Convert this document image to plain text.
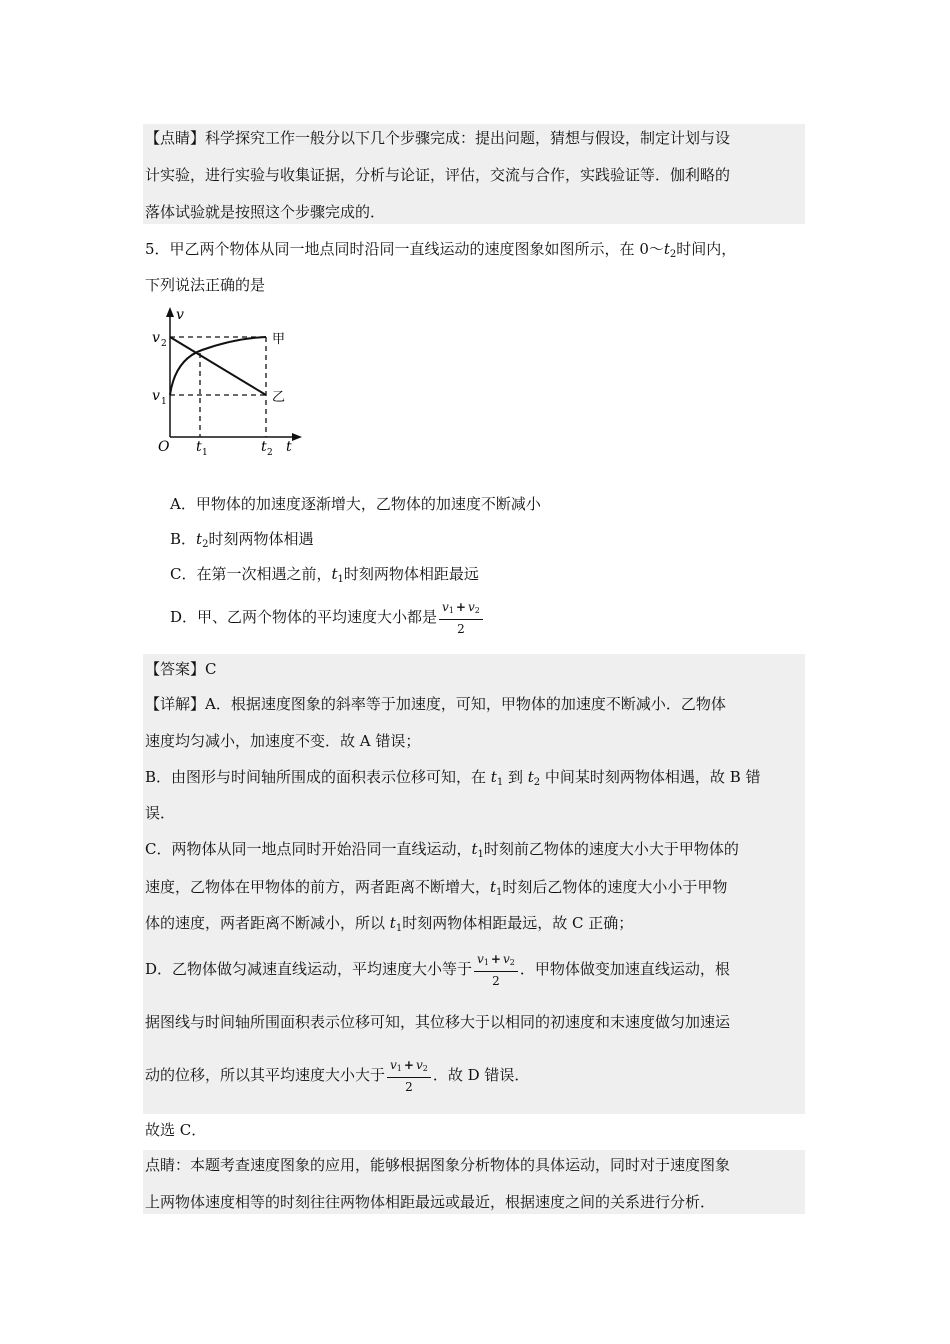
【点睛】科学探究工作一般分以下几个步骤完成：提出问题，猜想与假设，制定计划与设
计实验，进行实验与收集证据，分析与论证，评估，交流与合作，实践验证等．伽利略的
落体试验就是按照这个步骤完成的．
5．甲乙两个物体从同一地点同时沿同一直线运动的速度图象如图所示，在 $0\sim t_2$时间内，
下列说法正确的是
v
t
O
v 2
v 1
t 1	t 2
甲
乙
A．甲物体的加速度逐渐增大，乙物体的加速度不断减小
B．$t_2$时刻两物体相遇
C．在第一次相遇之前，$t_1$时刻两物体相距最远
D．甲、乙两个物体的平均速度大小都是 $\frac{v_1 + v_2}{2}$
【答案】C
【详解】A．根据速度图象的斜率等于加速度，可知，甲物体的加速度不断减小．乙物体
速度均匀减小，加速度不变．故 A 错误；
B．由图形与时间轴所围成的面积表示位移可知，在 $t_1$ 到 $t_2$ 中间某时刻两物体相遇，故 B 错
误．
C．两物体从同一地点同时开始沿同一直线运动，$t_1$时刻前乙物体的速度大小大于甲物体的
速度，乙物体在甲物体的前方，两者距离不断增大，$t_1$时刻后乙物体的速度大小小于甲物
体的速度，两者距离不断减小，所以 $t_1$时刻两物体相距最远，故 C 正确；
D．乙物体做匀减速直线运动，平均速度大小等于 $\frac{v_1 + v_2}{2}$ ．甲物体做变加速直线运动，根
据图线与时间轴所围面积表示位移可知，其位移大于以相同的初速度和末速度做匀加速运
动的位移，所以其平均速度大小大于 $\frac{v_1 + v_2}{2}$ ．故 D 错误．
故选 C．
点睛：本题考查速度图象的应用，能够根据图象分析物体的具体运动，同时对于速度图象
上两物体速度相等的时刻往往两物体相距最远或最近，根据速度之间的关系进行分析．
